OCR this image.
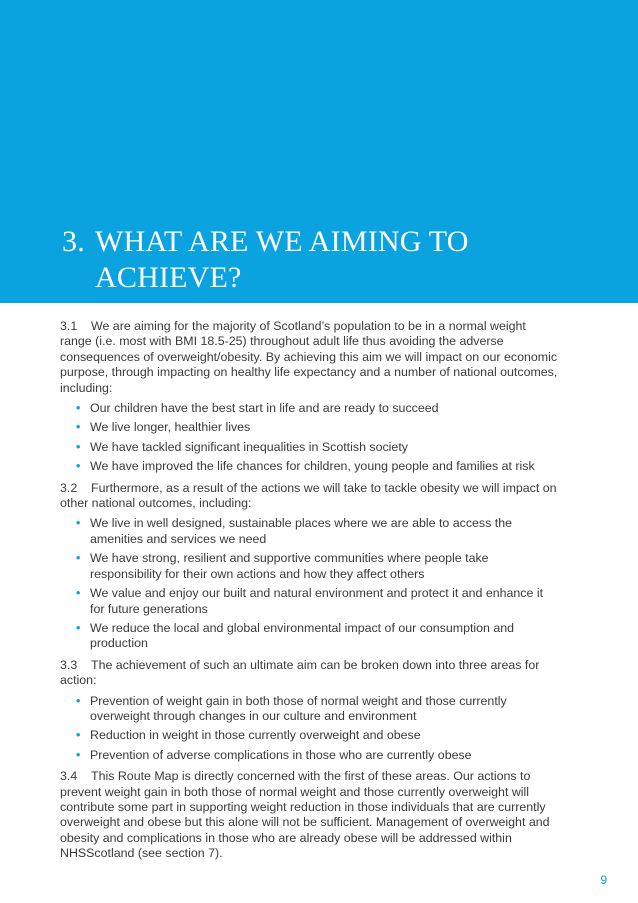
3. WHAT ARE WE AIMING TO
ACHIEVE?

3.1 We are aiming for the majority of Scotland’s population to be in a normal weight range (i.e. most with BMI 18.5-25) throughout adult life thus avoiding the adverse consequences of overweight/obesity. By achieving this aim we will impact on our economic purpose, through impacting on healthy life expectancy and a number of national outcomes, including:

• Our children have the best start in life and are ready to succeed
• We live longer, healthier lives
• We have tackled significant inequalities in Scottish society
• We have improved the life chances for children, young people and families at risk

3.2 Furthermore, as a result of the actions we will take to tackle obesity we will impact on other national outcomes, including:

• We live in well designed, sustainable places where we are able to access the amenities and services we need
• We have strong, resilient and supportive communities where people take responsibility for their own actions and how they affect others
• We value and enjoy our built and natural environment and protect it and enhance it for future generations
• We reduce the local and global environmental impact of our consumption and production

3.3 The achievement of such an ultimate aim can be broken down into three areas for action:

• Prevention of weight gain in both those of normal weight and those currently overweight through changes in our culture and environment
• Reduction in weight in those currently overweight and obese
• Prevention of adverse complications in those who are currently obese

3.4 This Route Map is directly concerned with the first of these areas. Our actions to prevent weight gain in both those of normal weight and those currently overweight will contribute some part in supporting weight reduction in those individuals that are currently overweight and obese but this alone will not be sufficient. Management of overweight and obesity and complications in those who are already obese will be addressed within NHSScotland (see section 7).

9
